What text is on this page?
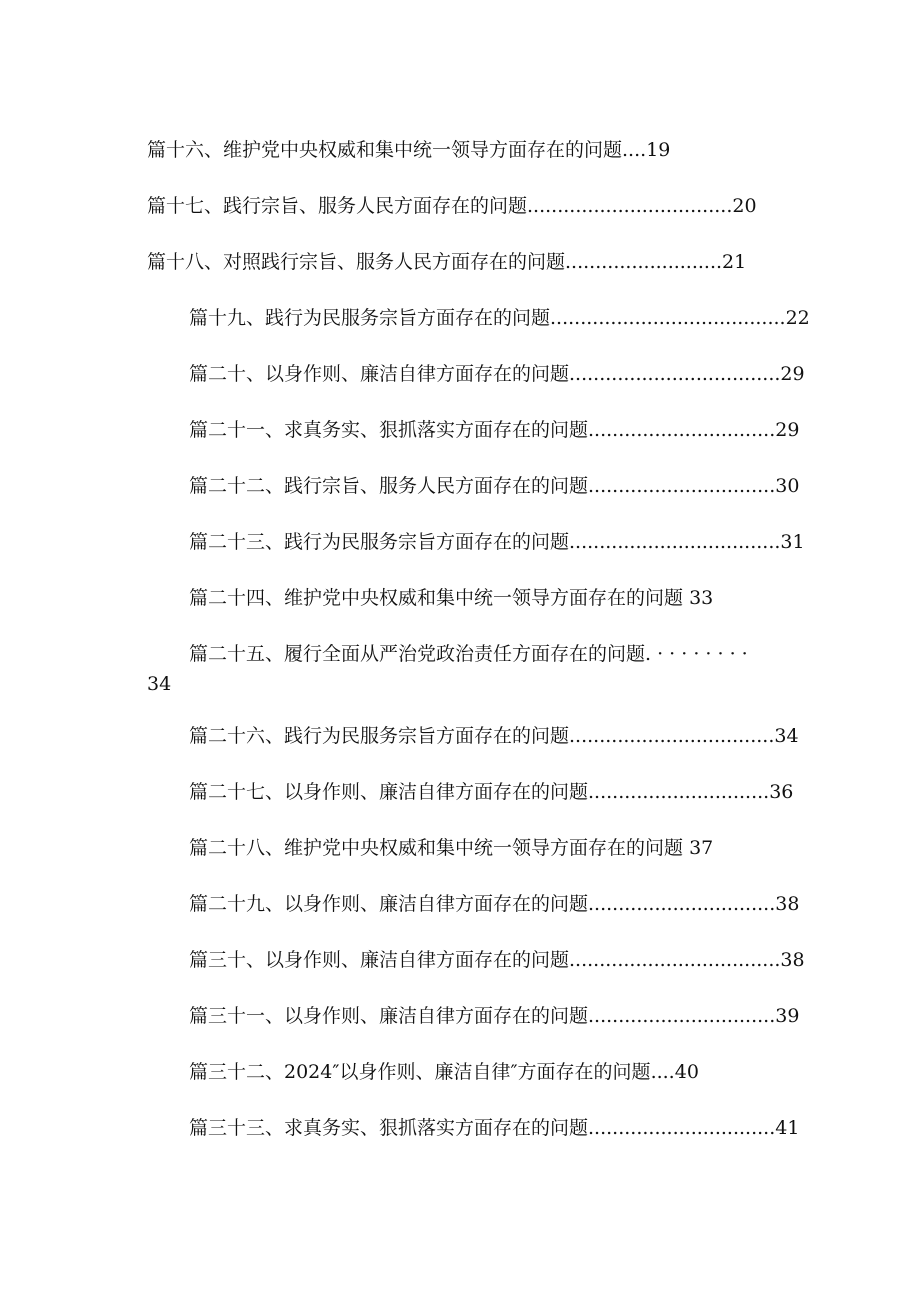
篇十六、维护党中央权威和集中统一领导方面存在的问题....19
篇十七、践行宗旨、服务人民方面存在的问题..................................20
篇十八、对照践行宗旨、服务人民方面存在的问题..........................21
篇十九、践行为民服务宗旨方面存在的问题.......................................22
篇二十、以身作则、廉洁自律方面存在的问题...................................29
篇二十一、求真务实、狠抓落实方面存在的问题...............................29
篇二十二、践行宗旨、服务人民方面存在的问题...............................30
篇二十三、践行为民服务宗旨方面存在的问题...................................31
篇二十四、维护党中央权威和集中统一领导方面存在的问题 33
篇二十五、履行全面从严治党政治责任方面存在的问题. · · · · · · · ·
34
篇二十六、践行为民服务宗旨方面存在的问题..................................34
篇二十七、以身作则、廉洁自律方面存在的问题..............................36
篇二十八、维护党中央权威和集中统一领导方面存在的问题 37
篇二十九、以身作则、廉洁自律方面存在的问题...............................38
篇三十、以身作则、廉洁自律方面存在的问题...................................38
篇三十一、以身作则、廉洁自律方面存在的问题...............................39
篇三十二、2024″以身作则、廉洁自律″方面存在的问题....40
篇三十三、求真务实、狠抓落实方面存在的问题...............................41
